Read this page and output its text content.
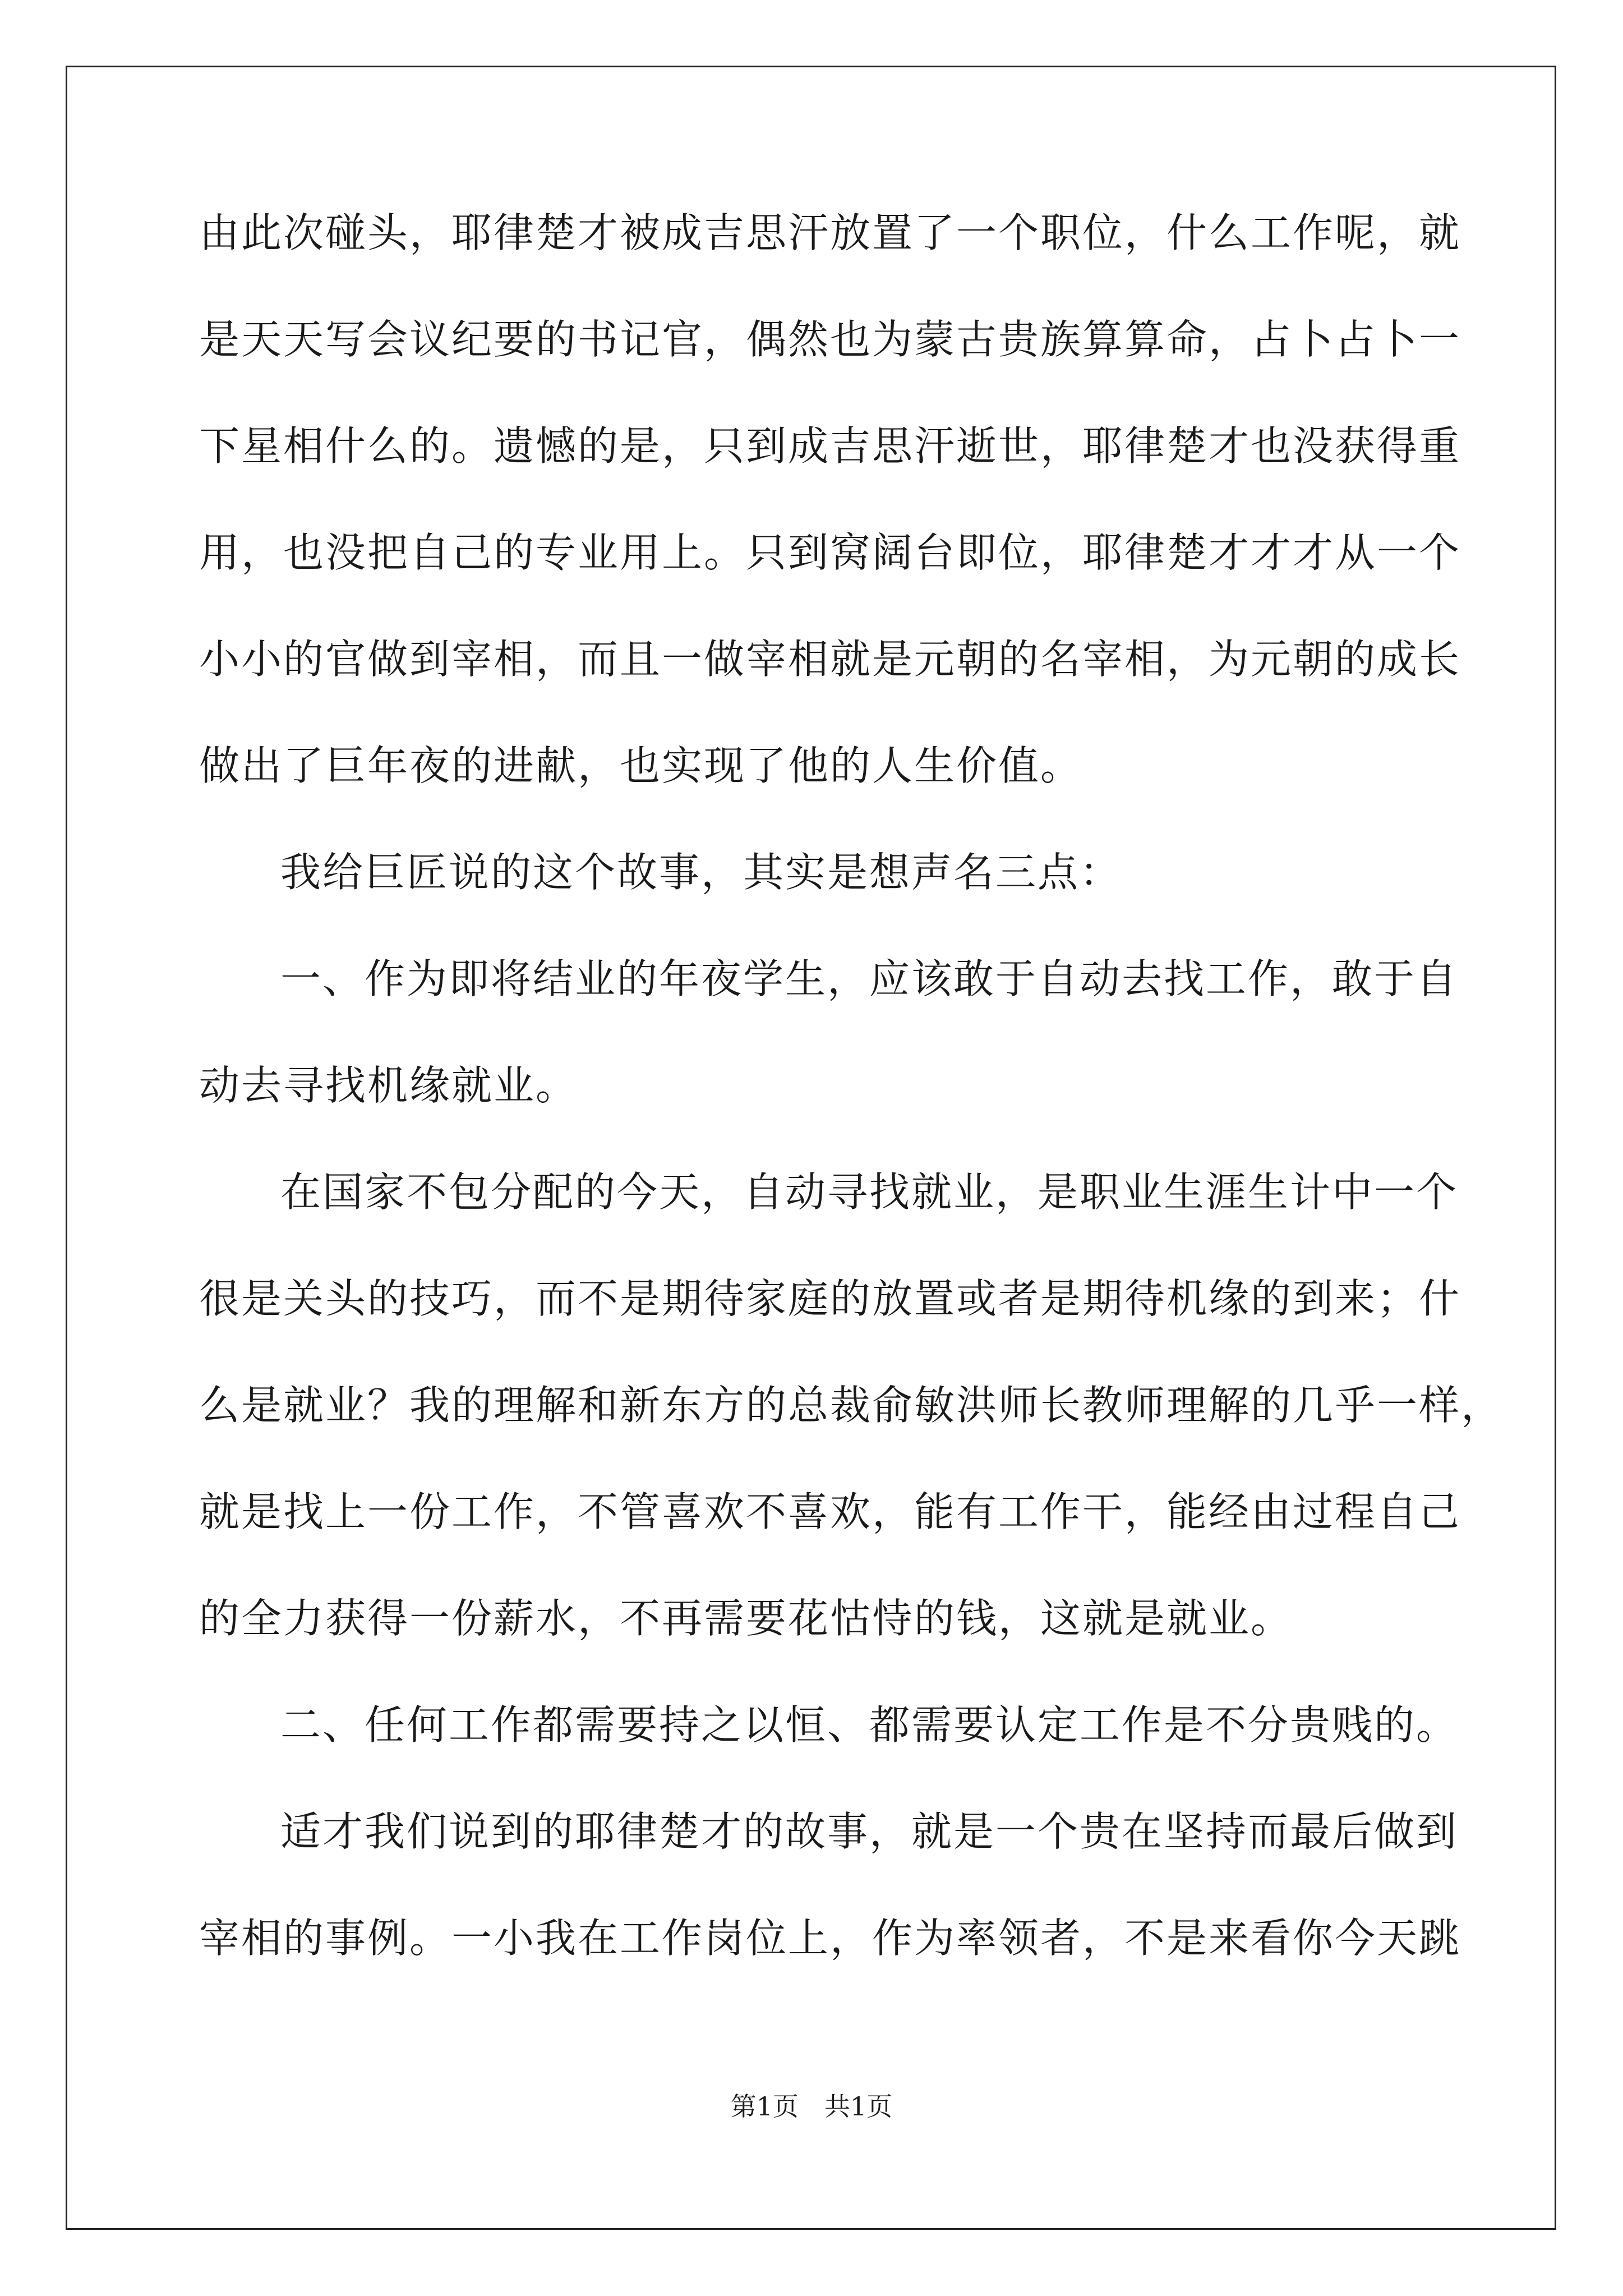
由此次碰头，耶律楚才被成吉思汗放置了一个职位，什么工作呢，就
是天天写会议纪要的书记官，偶然也为蒙古贵族算算命，占卜占卜一
下星相什么的。遗憾的是，只到成吉思汗逝世，耶律楚才也没获得重
用，也没把自己的专业用上。只到窝阔台即位，耶律楚才才才从一个
小小的官做到宰相，而且一做宰相就是元朝的名宰相，为元朝的成长
做出了巨年夜的进献，也实现了他的人生价值。
我给巨匠说的这个故事，其实是想声名三点：
一、作为即将结业的年夜学生，应该敢于自动去找工作，敢于自
动去寻找机缘就业。
在国家不包分配的今天，自动寻找就业，是职业生涯生计中一个
很是关头的技巧，而不是期待家庭的放置或者是期待机缘的到来；什
么是就业？我的理解和新东方的总裁俞敏洪师长教师理解的几乎一样，
就是找上一份工作，不管喜欢不喜欢，能有工作干，能经由过程自己
的全力获得一份薪水，不再需要花怙恃的钱，这就是就业。
二、任何工作都需要持之以恒、都需要认定工作是不分贵贱的。
适才我们说到的耶律楚才的故事，就是一个贵在坚持而最后做到
宰相的事例。一小我在工作岗位上，作为率领者，不是来看你今天跳
第1页　共1页
